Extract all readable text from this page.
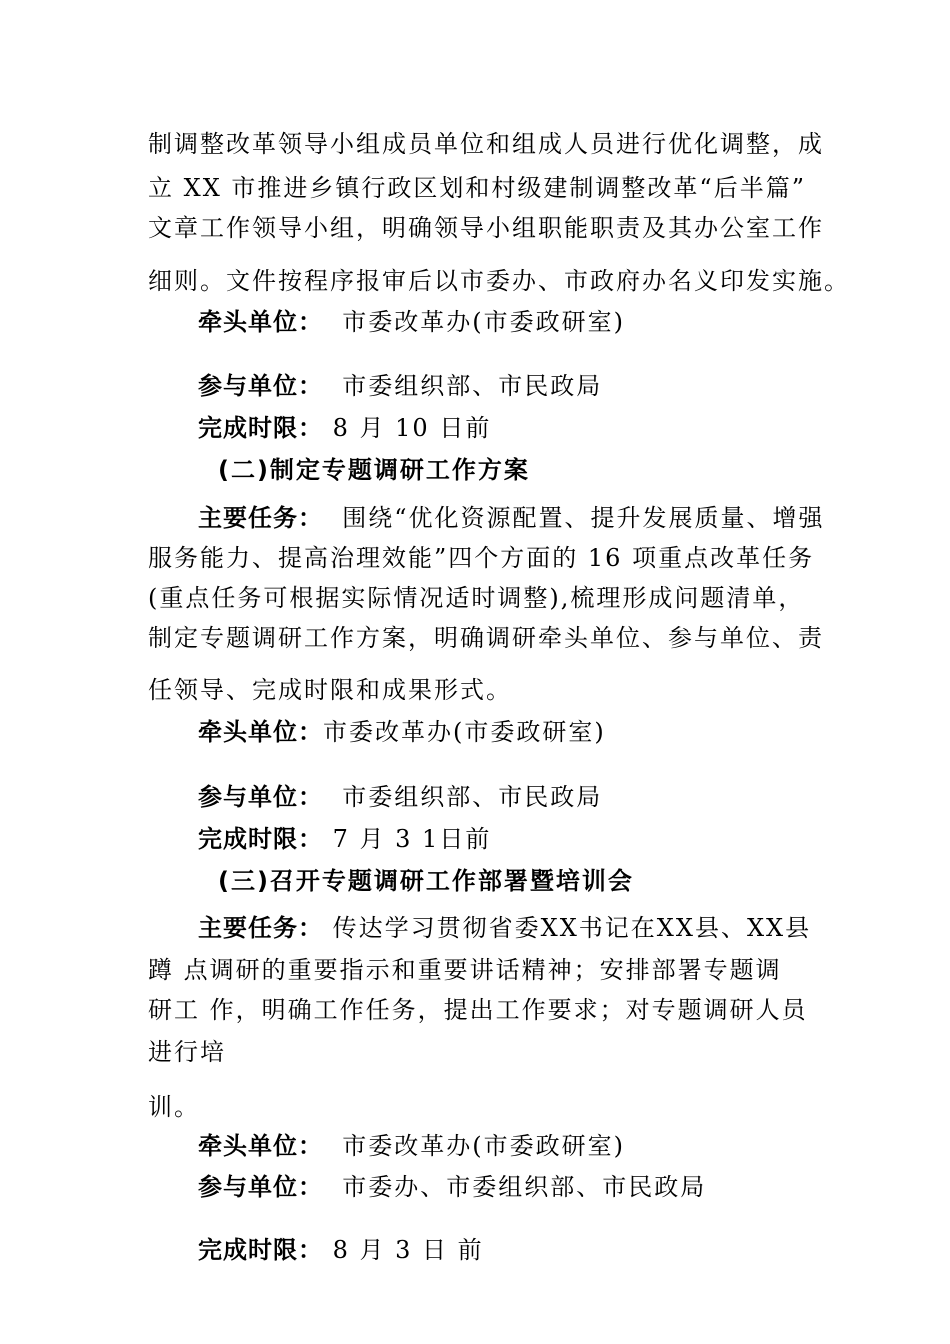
制调整改革领导小组成员单位和组成人员进行优化调整，成
立 XX 市推进乡镇行政区划和村级建制调整改革“后半篇”
文章工作领导小组，明确领导小组职能职责及其办公室工作
细则。文件按程序报审后以市委办、市政府办名义印发实施。
牵头单位：  市委改革办(市委政研室)
参与单位：  市委组织部、市民政局
完成时限： 8 月 10 日前
(二)制定专题调研工作方案
主要任务：  围绕“优化资源配置、提升发展质量、增强
服务能力、提高治理效能”四个方面的 16 项重点改革任务
(重点任务可根据实际情况适时调整),梳理形成问题清单，
制定专题调研工作方案，明确调研牵头单位、参与单位、责
任领导、完成时限和成果形式。
牵头单位：市委改革办(市委政研室)
参与单位：  市委组织部、市民政局
完成时限： 7 月 3 1日前
(三)召开专题调研工作部署暨培训会
主要任务： 传达学习贯彻省委XX书记在XX县、XX县
蹲 点调研的重要指示和重要讲话精神；安排部署专题调
研工 作，明确工作任务，提出工作要求；对专题调研人员
进行培
训。
牵头单位：  市委改革办(市委政研室)
参与单位：  市委办、市委组织部、市民政局
完成时限： 8 月 3 日 前
